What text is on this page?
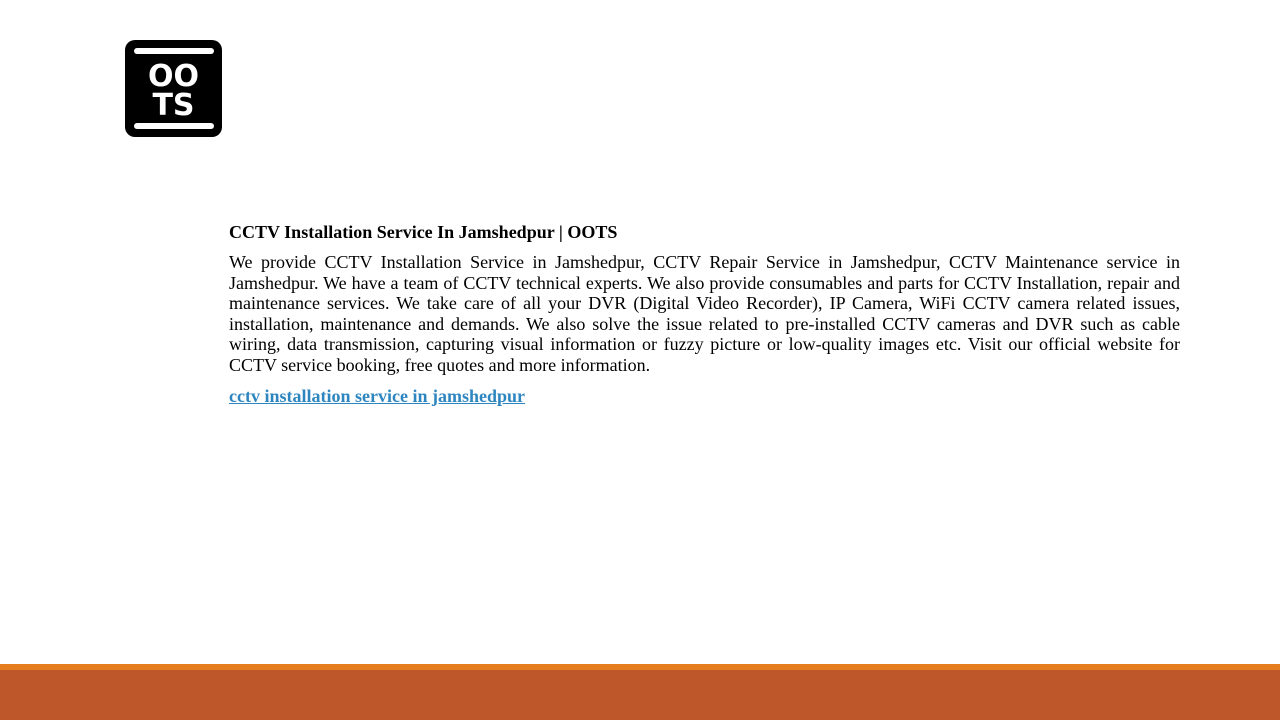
OO
TS
CCTV Installation Service In Jamshedpur | OOTS
We provide CCTV Installation Service in Jamshedpur, CCTV Repair Service in Jamshedpur, CCTV Maintenance service in Jamshedpur. We have a team of CCTV technical experts. We also provide consumables and parts for CCTV Installation, repair and maintenance services. We take care of all your DVR (Digital Video Recorder), IP Camera, WiFi CCTV camera related issues, installation, maintenance and demands. We also solve the issue related to pre-installed CCTV cameras and DVR such as cable wiring, data transmission, capturing visual information or fuzzy picture or low-quality images etc. Visit our official website for CCTV service booking, free quotes and more information.
cctv installation service in jamshedpur
